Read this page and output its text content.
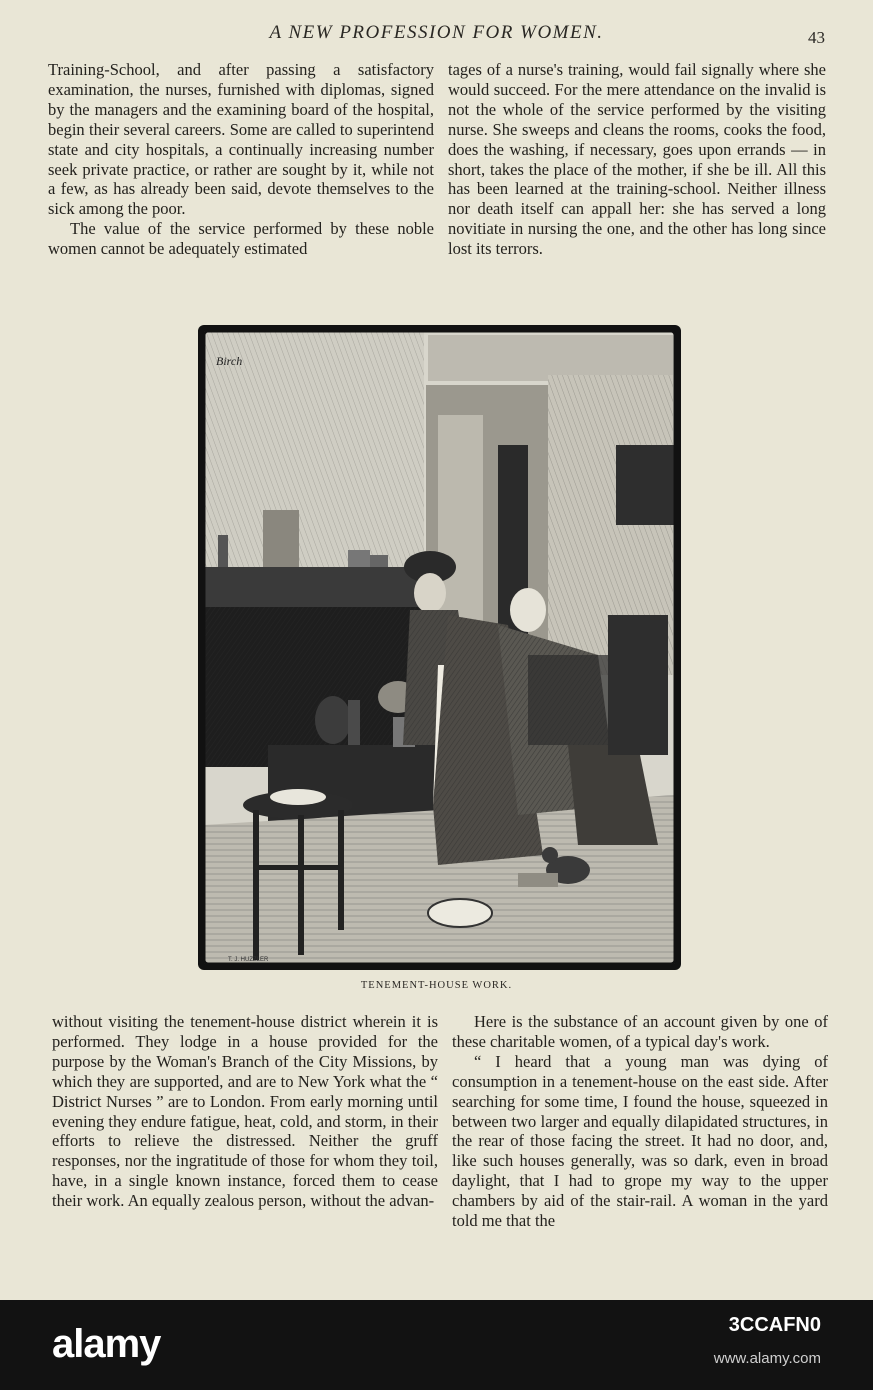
A NEW PROFESSION FOR WOMEN.	43

Training-School, and after passing a satisfactory examination, the nurses, furnished with diplomas, signed by the managers and the examining board of the hospital, begin their several careers. Some are called to superintend state and city hospitals, a continually increasing number seek private practice, or rather are sought by it, while not a few, as has already been said, devote themselves to the sick among the poor.

The value of the service performed by these noble women cannot be adequately estimated

tages of a nurse's training, would fail signally where she would succeed. For the mere attendance on the invalid is not the whole of the service performed by the visiting nurse. She sweeps and cleans the rooms, cooks the food, does the washing, if necessary, goes upon errands — in short, takes the place of the mother, if she be ill. All this has been learned at the training-school. Neither illness nor death itself can appall her: she has served a long novitiate in nursing the one, and the other has long since lost its terrors.

Birch
T. J. HUZZLER
TENEMENT-HOUSE WORK.

without visiting the tenement-house district wherein it is performed. They lodge in a house provided for the purpose by the Woman's Branch of the City Missions, by which they are supported, and are to New York what the “ District Nurses ” are to London. From early morning until evening they endure fatigue, heat, cold, and storm, in their efforts to relieve the distressed. Neither the gruff responses, nor the ingratitude of those for whom they toil, have, in a single known instance, forced them to cease their work. An equally zealous person, without the advan-

Here is the substance of an account given by one of these charitable women, of a typical day's work.

“ I heard that a young man was dying of consumption in a tenement-house on the east side. After searching for some time, I found the house, squeezed in between two larger and equally dilapidated structures, in the rear of those facing the street. It had no door, and, like such houses generally, was so dark, even in broad daylight, that I had to grope my way to the upper chambers by aid of the stair-rail. A woman in the yard told me that the

alamy	3CCAFN0
www.alamy.com
